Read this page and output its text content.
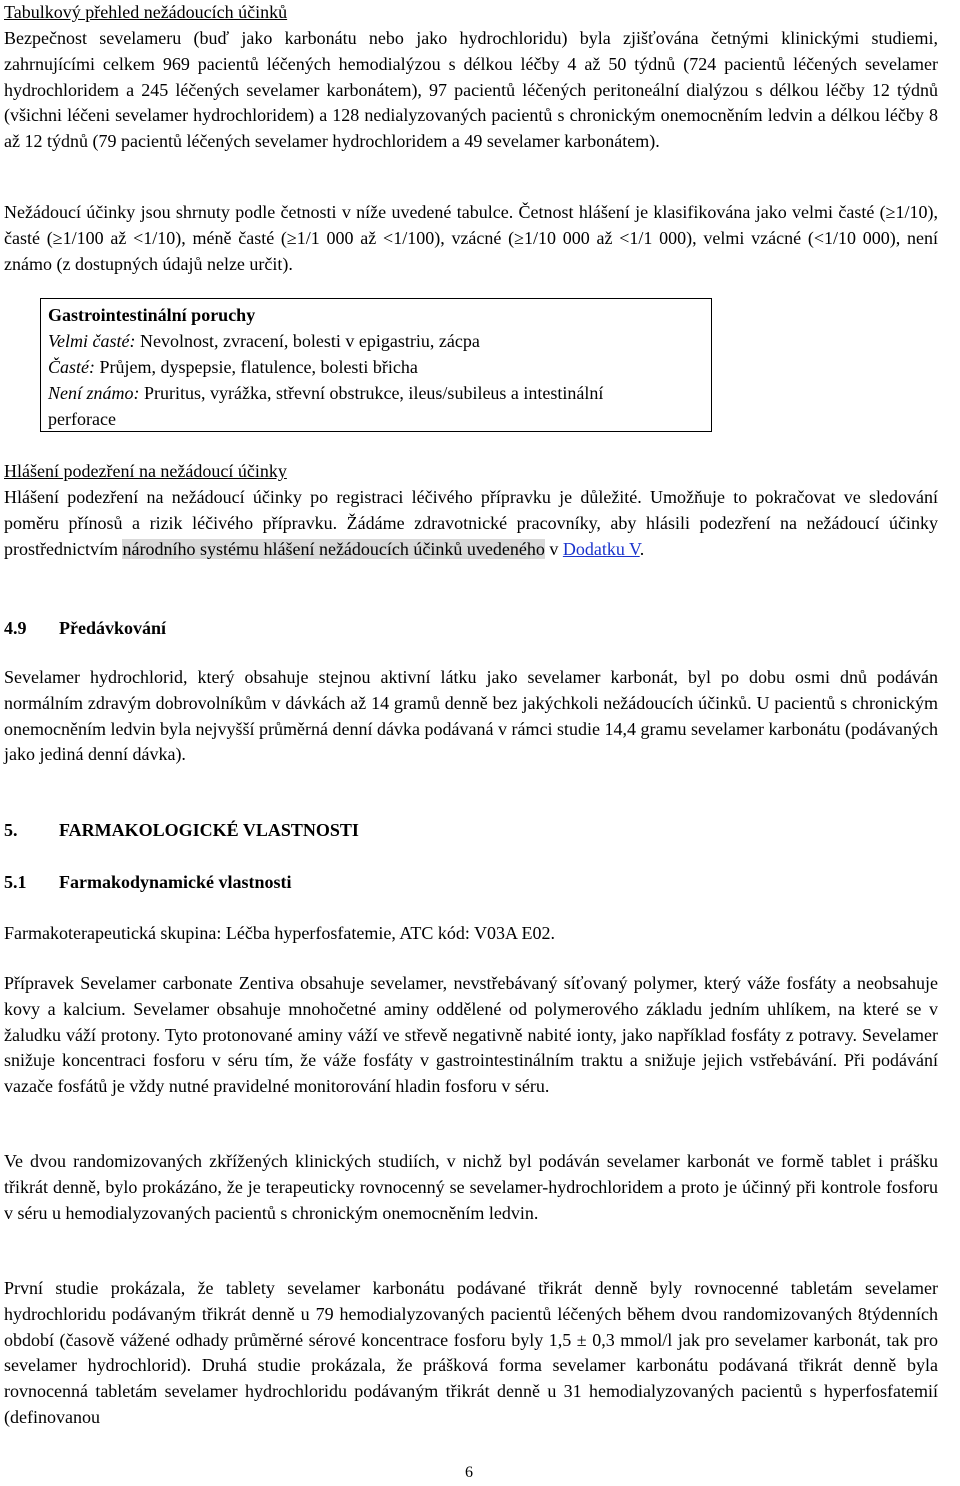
Tabulkový přehled nežádoucích účinků

Bezpečnost sevelameru (buď jako karbonátu nebo jako hydrochloridu) byla zjišťována četnými klinickými studiemi, zahrnujícími celkem 969 pacientů léčených hemodialýzou s délkou léčby 4 až 50 týdnů (724 pacientů léčených sevelamer hydrochloridem a 245 léčených sevelamer karbonátem), 97 pacientů léčených peritoneální dialýzou s délkou léčby 12 týdnů (všichni léčeni sevelamer hydrochloridem) a 128 nedialyzovaných pacientů s chronickým onemocněním ledvin a délkou léčby 8 až 12 týdnů (79 pacientů léčených sevelamer hydrochloridem a 49 sevelamer karbonátem).

Nežádoucí účinky jsou shrnuty podle četnosti v níže uvedené tabulce. Četnost hlášení je klasifikována jako velmi časté (≥1/10), časté (≥1/100 až <1/10), méně časté (≥1/1 000 až <1/100), vzácné (≥1/10 000 až <1/1 000), velmi vzácné (<1/10 000), není známo (z dostupných údajů nelze určit).

Gastrointestinální poruchy
Velmi časté: Nevolnost, zvracení, bolesti v epigastriu, zácpa
Časté: Průjem, dyspepsie, flatulence, bolesti břicha
Není známo: Pruritus, vyrážka, střevní obstrukce, ileus/subileus a intestinální perforace

Hlášení podezření na nežádoucí účinky

Hlášení podezření na nežádoucí účinky po registraci léčivého přípravku je důležité. Umožňuje to pokračovat ve sledování poměru přínosů a rizik léčivého přípravku. Žádáme zdravotnické pracovníky, aby hlásili podezření na nežádoucí účinky prostřednictvím národního systému hlášení nežádoucích účinků uvedeného v Dodatku V.

4.9	Předávkování

Sevelamer hydrochlorid, který obsahuje stejnou aktivní látku jako sevelamer karbonát, byl po dobu osmi dnů podáván normálním zdravým dobrovolníkům v dávkách až 14 gramů denně bez jakýchkoli nežádoucích účinků. U pacientů s chronickým onemocněním ledvin byla nejvyšší průměrná denní dávka podávaná v rámci studie 14,4 gramu sevelamer karbonátu (podávaných jako jediná denní dávka).

5.	FARMAKOLOGICKÉ VLASTNOSTI

5.1	Farmakodynamické vlastnosti

Farmakoterapeutická skupina: Léčba hyperfosfatemie, ATC kód: V03A E02.

Přípravek Sevelamer carbonate Zentiva obsahuje sevelamer, nevstřebávaný síťovaný polymer, který váže fosfáty a neobsahuje kovy a kalcium. Sevelamer obsahuje mnohočetné aminy oddělené od polymerového základu jedním uhlíkem, na které se v žaludku váží protony. Tyto protonované aminy váží ve střevě negativně nabité ionty, jako například fosfáty z potravy. Sevelamer snižuje koncentraci fosforu v séru tím, že váže fosfáty v gastrointestinálním traktu a snižuje jejich vstřebávání. Při podávání vazače fosfátů je vždy nutné pravidelné monitorování hladin fosforu v séru.

Ve dvou randomizovaných zkřížených klinických studiích, v nichž byl podáván sevelamer karbonát ve formě tablet i prášku třikrát denně, bylo prokázáno, že je terapeuticky rovnocenný se sevelamer-hydrochloridem a proto je účinný při kontrole fosforu v séru u hemodialyzovaných pacientů s chronickým onemocněním ledvin.

První studie prokázala, že tablety sevelamer karbonátu podávané třikrát denně byly rovnocenné tabletám sevelamer hydrochloridu podávaným třikrát denně u 79 hemodialyzovaných pacientů léčených během dvou randomizovaných 8týdenních období (časově vážené odhady průměrné sérové koncentrace fosforu byly 1,5 ± 0,3 mmol/l jak pro sevelamer karbonát, tak pro sevelamer hydrochlorid). Druhá studie prokázala, že prášková forma sevelamer karbonátu podávaná třikrát denně byla rovnocenná tabletám sevelamer hydrochloridu podávaným třikrát denně u 31 hemodialyzovaných pacientů s hyperfosfatemií (definovanou

6
